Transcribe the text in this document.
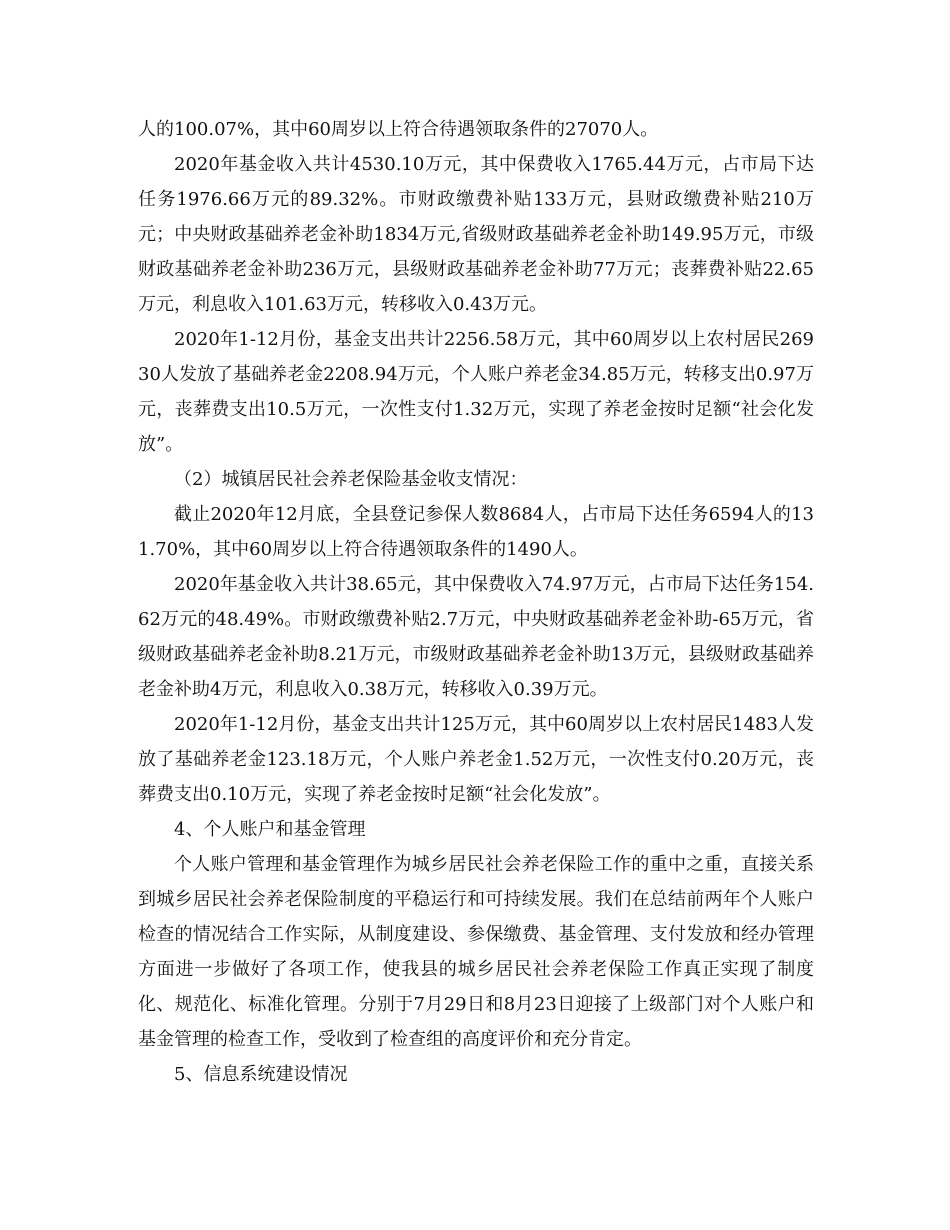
人的100.07%，其中60周岁以上符合待遇领取条件的27070人。

2020年基金收入共计4530.10万元，其中保费收入1765.44万元，占市局下达任务1976.66万元的89.32%。市财政缴费补贴133万元，县财政缴费补贴210万元；中央财政基础养老金补助1834万元,省级财政基础养老金补助149.95万元，市级财政基础养老金补助236万元，县级财政基础养老金补助77万元；丧葬费补贴22.65万元，利息收入101.63万元，转移收入0.43万元。

2020年1-12月份，基金支出共计2256.58万元，其中60周岁以上农村居民26930人发放了基础养老金2208.94万元，个人账户养老金34.85万元，转移支出0.97万元，丧葬费支出10.5万元，一次性支付1.32万元，实现了养老金按时足额“社会化发放”。

（2）城镇居民社会养老保险基金收支情况：

截止2020年12月底，全县登记参保人数8684人，占市局下达任务6594人的131.70%，其中60周岁以上符合待遇领取条件的1490人。

2020年基金收入共计38.65元，其中保费收入74.97万元，占市局下达任务154.62万元的48.49%。市财政缴费补贴2.7万元，中央财政基础养老金补助-65万元，省级财政基础养老金补助8.21万元，市级财政基础养老金补助13万元，县级财政基础养老金补助4万元，利息收入0.38万元，转移收入0.39万元。

2020年1-12月份，基金支出共计125万元，其中60周岁以上农村居民1483人发放了基础养老金123.18万元，个人账户养老金1.52万元，一次性支付0.20万元，丧葬费支出0.10万元，实现了养老金按时足额“社会化发放”。

4、个人账户和基金管理

个人账户管理和基金管理作为城乡居民社会养老保险工作的重中之重，直接关系到城乡居民社会养老保险制度的平稳运行和可持续发展。我们在总结前两年个人账户检查的情况结合工作实际，从制度建设、参保缴费、基金管理、支付发放和经办管理方面进一步做好了各项工作，使我县的城乡居民社会养老保险工作真正实现了制度化、规范化、标准化管理。分别于7月29日和8月23日迎接了上级部门对个人账户和基金管理的检查工作，受收到了检查组的高度评价和充分肯定。

5、信息系统建设情况
